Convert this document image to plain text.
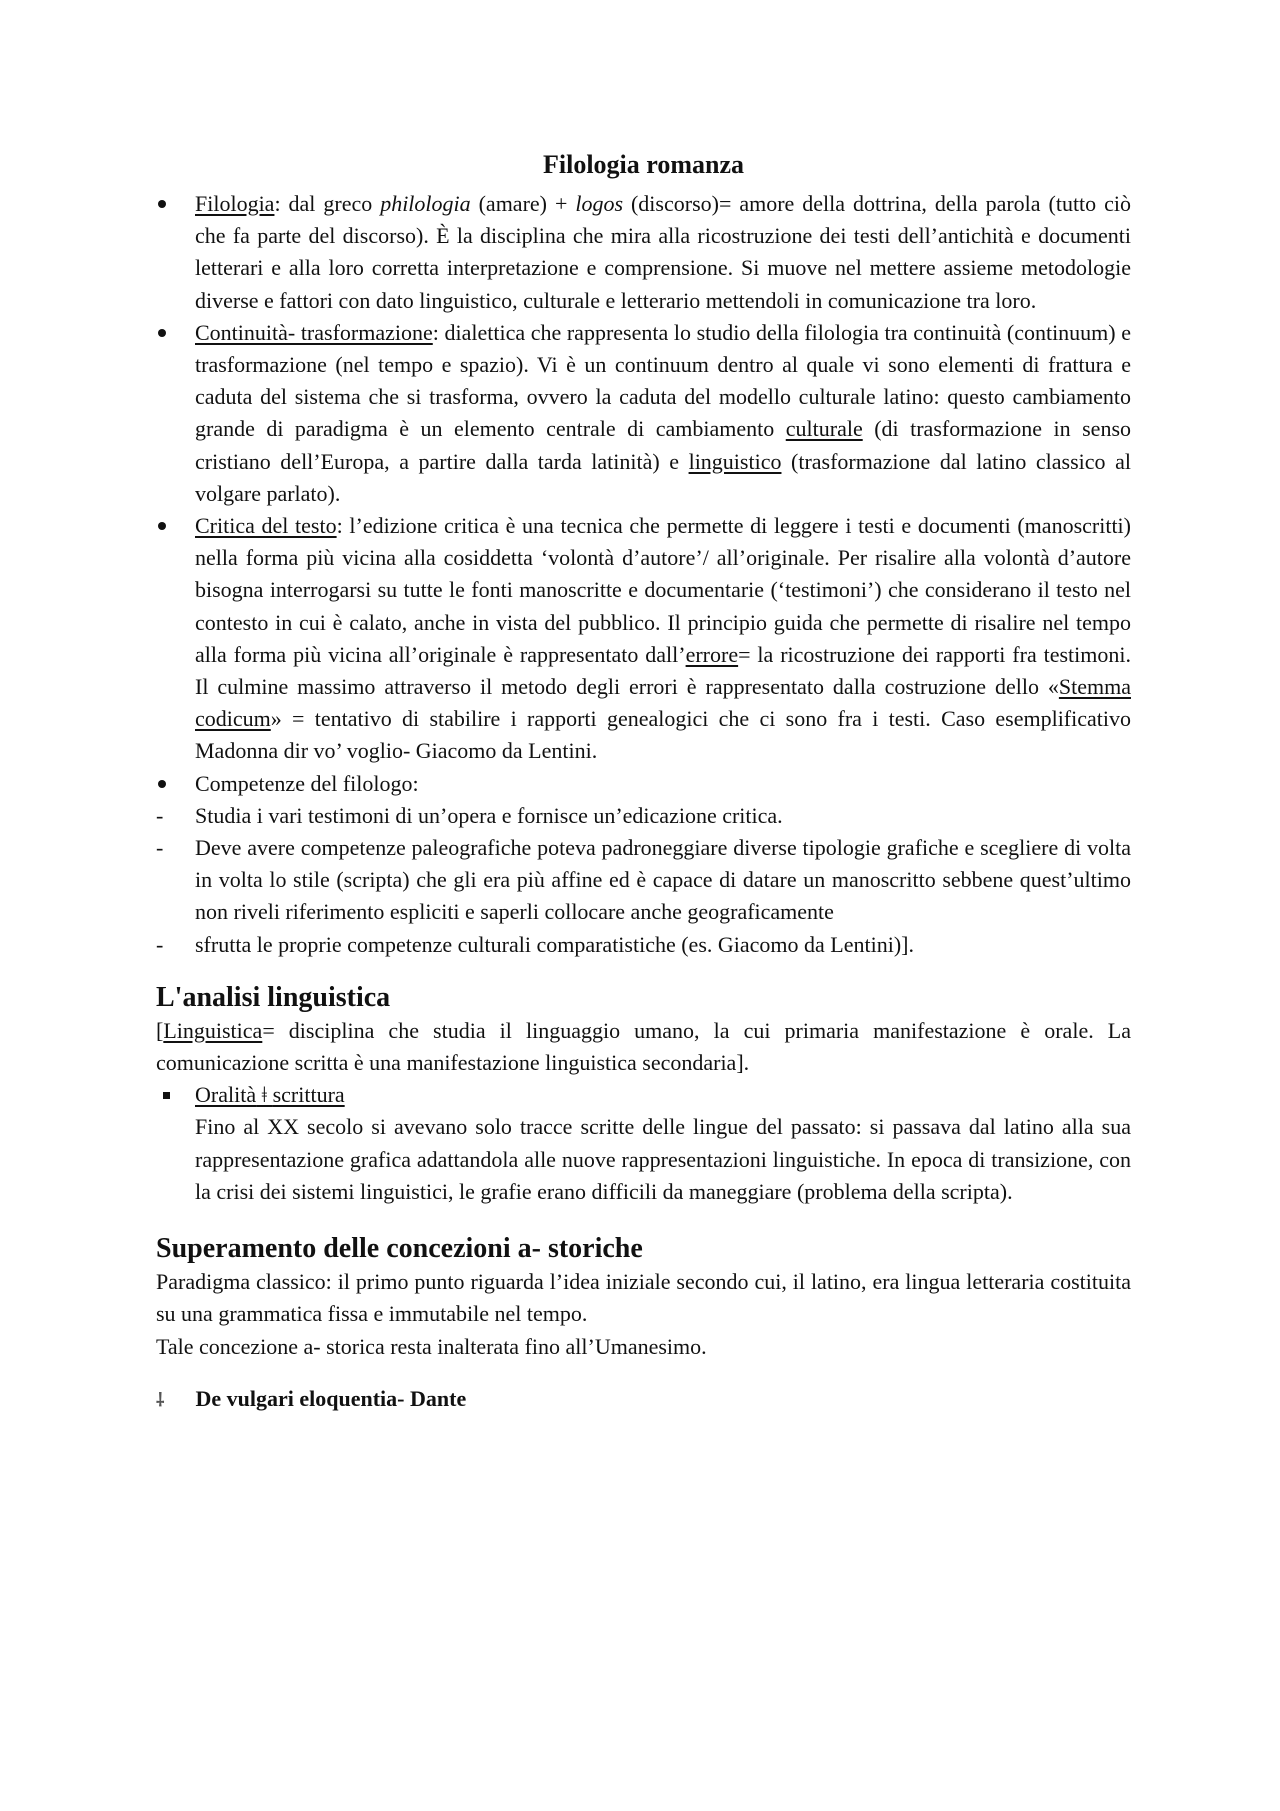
Filologia romanza

Filologia: dal greco philologia (amare) + logos (discorso)= amore della dottrina, della parola (tutto ciò che fa parte del discorso). È la disciplina che mira alla ricostruzione dei testi dell’antichità e documenti letterari e alla loro corretta interpretazione e comprensione. Si muove nel mettere assieme metodologie diverse e fattori con dato linguistico, culturale e letterario mettendoli in comunicazione tra loro.

Continuità- trasformazione: dialettica che rappresenta lo studio della filologia tra continuità (continuum) e trasformazione (nel tempo e spazio). Vi è un continuum dentro al quale vi sono elementi di frattura e caduta del sistema che si trasforma, ovvero la caduta del modello culturale latino: questo cambiamento grande di paradigma è un elemento centrale di cambiamento culturale (di trasformazione in senso cristiano dell’Europa, a partire dalla tarda latinità) e linguistico (trasformazione dal latino classico al volgare parlato).

Critica del testo: l’edizione critica è una tecnica che permette di leggere i testi e documenti (manoscritti) nella forma più vicina alla cosiddetta ‘volontà d’autore’/ all’originale. Per risalire alla volontà d’autore bisogna interrogarsi su tutte le fonti manoscritte e documentarie (‘testimoni’) che considerano il testo nel contesto in cui è calato, anche in vista del pubblico. Il principio guida che permette di risalire nel tempo alla forma più vicina all’originale è rappresentato dall’errore= la ricostruzione dei rapporti fra testimoni. Il culmine massimo attraverso il metodo degli errori è rappresentato dalla costruzione dello «Stemma codicum» = tentativo di stabilire i rapporti genealogici che ci sono fra i testi. Caso esemplificativo Madonna dir vo’ voglio- Giacomo da Lentini.

Competenze del filologo:

- Studia i vari testimoni di un’opera e fornisce un’edicazione critica.

- Deve avere competenze paleografiche poteva padroneggiare diverse tipologie grafiche e scegliere di volta in volta lo stile (scripta) che gli era più affine ed è capace di datare un manoscritto sebbene quest’ultimo non riveli riferimento espliciti e saperli collocare anche geograficamente

- sfrutta le proprie competenze culturali comparatistiche (es. Giacomo da Lentini)].

L'analisi linguistica

[Linguistica= disciplina che studia il linguaggio umano, la cui primaria manifestazione è orale. La comunicazione scritta è una manifestazione linguistica secondaria].

Oralità ǂ scrittura

Fino al XX secolo si avevano solo tracce scritte delle lingue del passato: si passava dal latino alla sua rappresentazione grafica adattandola alle nuove rappresentazioni linguistiche. In epoca di transizione, con la crisi dei sistemi linguistici, le grafie erano difficili da maneggiare (problema della scripta).

Superamento delle concezioni a- storiche

Paradigma classico: il primo punto riguarda l’idea iniziale secondo cui, il latino, era lingua letteraria costituita su una grammatica fissa e immutabile nel tempo.

Tale concezione a- storica resta inalterata fino all’Umanesimo.

⸸ De vulgari eloquentia- Dante
